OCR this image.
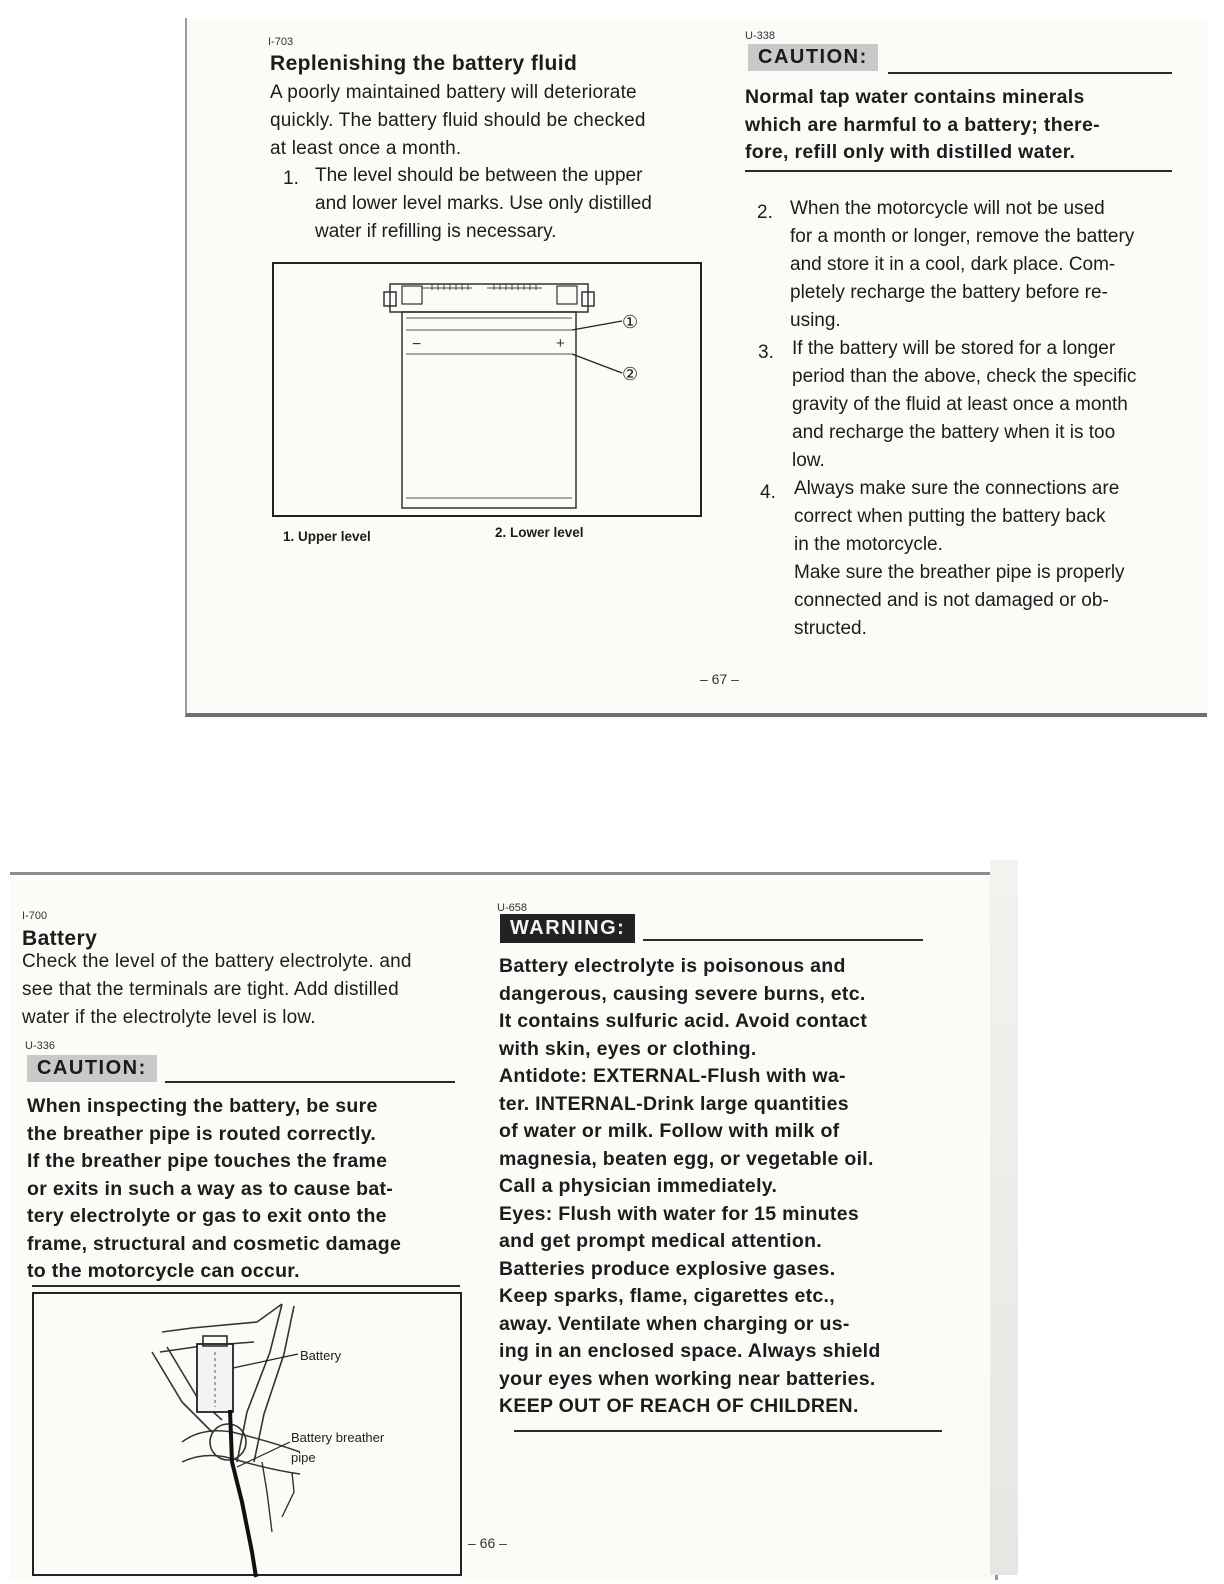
I-703
Replenishing the battery fluid
A poorly maintained battery will deteriorate
quickly. The battery fluid should be checked
at least once a month.
1. The level should be between the upper
and lower level marks. Use only distilled
water if refilling is necessary.
−	+
①
②
1. Upper level	2. Lower level
U-338
CAUTION:
Normal tap water contains minerals
which are harmful to a battery; there-
fore, refill only with distilled water.
2. When the motorcycle will not be used
for a month or longer, remove the battery
and store it in a cool, dark place. Com-
pletely recharge the battery before re-
using.
3. If the battery will be stored for a longer
period than the above, check the specific
gravity of the fluid at least once a month
and recharge the battery when it is too
low.
4. Always make sure the connections are
correct when putting the battery back
in the motorcycle.
Make sure the breather pipe is properly
connected and is not damaged or ob-
structed.
– 67 –
I-700
Battery
Check the level of the battery electrolyte. and
see that the terminals are tight. Add distilled
water if the electrolyte level is low.
U-336
CAUTION:
When inspecting the battery, be sure
the breather pipe is routed correctly.
If the breather pipe touches the frame
or exits in such a way as to cause bat-
tery electrolyte or gas to exit onto the
frame, structural and cosmetic damage
to the motorcycle can occur.
Battery
Battery breather
pipe
U-658
WARNING:
Battery electrolyte is poisonous and
dangerous, causing severe burns, etc.
It contains sulfuric acid. Avoid contact
with skin, eyes or clothing.
Antidote: EXTERNAL-Flush with wa-
ter. INTERNAL-Drink large quantities
of water or milk. Follow with milk of
magnesia, beaten egg, or vegetable oil.
Call a physician immediately.
Eyes: Flush with water for 15 minutes
and get prompt medical attention.
Batteries produce explosive gases.
Keep sparks, flame, cigarettes etc.,
away. Ventilate when charging or us-
ing in an enclosed space. Always shield
your eyes when working near batteries.
KEEP OUT OF REACH OF CHILDREN.
– 66 –
